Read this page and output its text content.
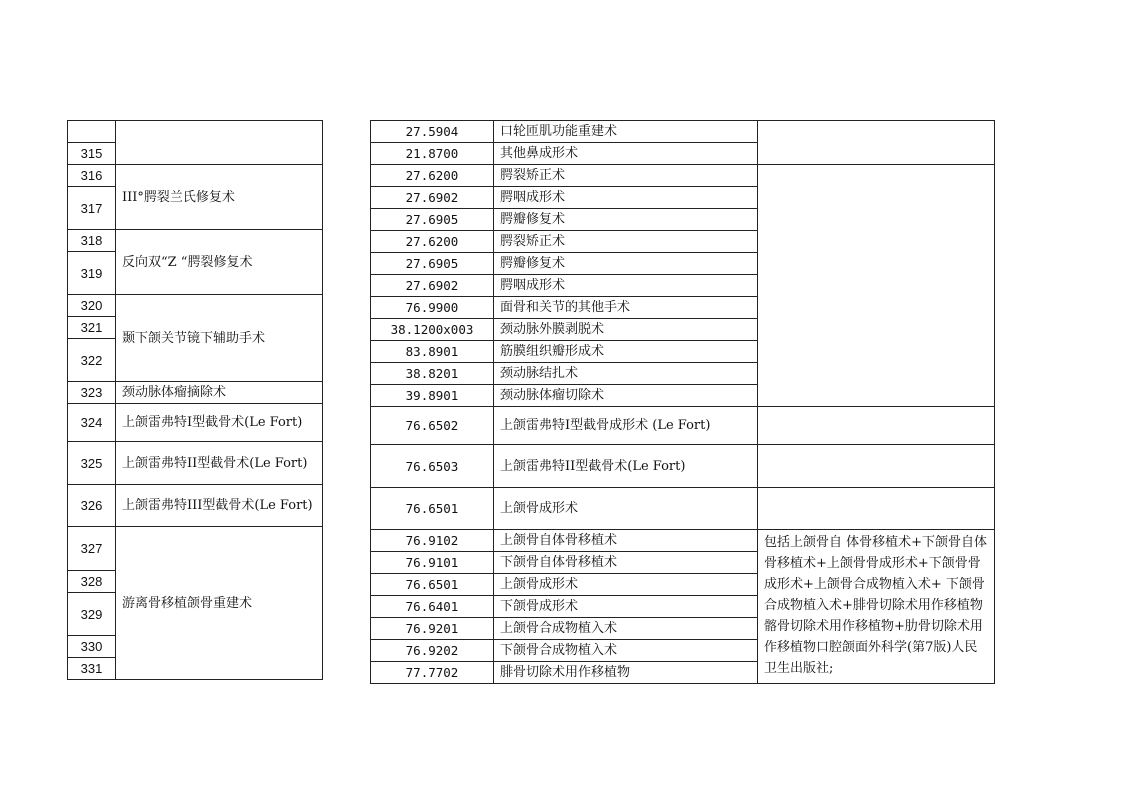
315	
316	III°腭裂兰氏修复术
317	
318	反向双“Z “腭裂修复术
319	
320	颞下颌关节镜下辅助手术
321	
322	
323	颈动脉体瘤摘除术
324	上颌雷弗特I型截骨术(Le Fort)
325	上颌雷弗特II型截骨术(Le Fort)
326	上颌雷弗特III型截骨术(Le Fort)
327	游离骨移植颌骨重建术
328	
329	
330	
331	
27.5904	口轮匝肌功能重建术	
21.8700	其他鼻成形术	
27.6200	腭裂矫正术	
27.6902	腭咽成形术	
27.6905	腭瓣修复术	
27.6200	腭裂矫正术	
27.6905	腭瓣修复术	
27.6902	腭咽成形术	
76.9900	面骨和关节的其他手术	
38.1200x003	颈动脉外膜剥脱术	
83.8901	筋膜组织瓣形成术	
38.8201	颈动脉结扎术	
39.8901	颈动脉体瘤切除术	
76.6502	上颌雷弗特Ⅰ型截骨成形术 (Le Fort)	
76.6503	上颌雷弗特II型截骨术(Le Fort)	
76.6501	上颌骨成形术	
76.9102	上颌骨自体骨移植术	包括上颌骨自 体骨移植术+下颌骨自体骨移植术+上颌骨骨成形术+下颌骨骨成形术+上颌骨合成物植入术+ 下颌骨合成物植入术+腓骨切除术用作移植物髂骨切除术用作移植物+肋骨切除术用作移植物口腔颌面外科学(第7版)人民卫生出版社;
76.9101	下颌骨自体骨移植术	
76.6501	上颌骨成形术	
76.6401	下颌骨成形术	
76.9201	上颌骨合成物植入术	
76.9202	下颌骨合成物植入术	
77.7702	腓骨切除术用作移植物	
